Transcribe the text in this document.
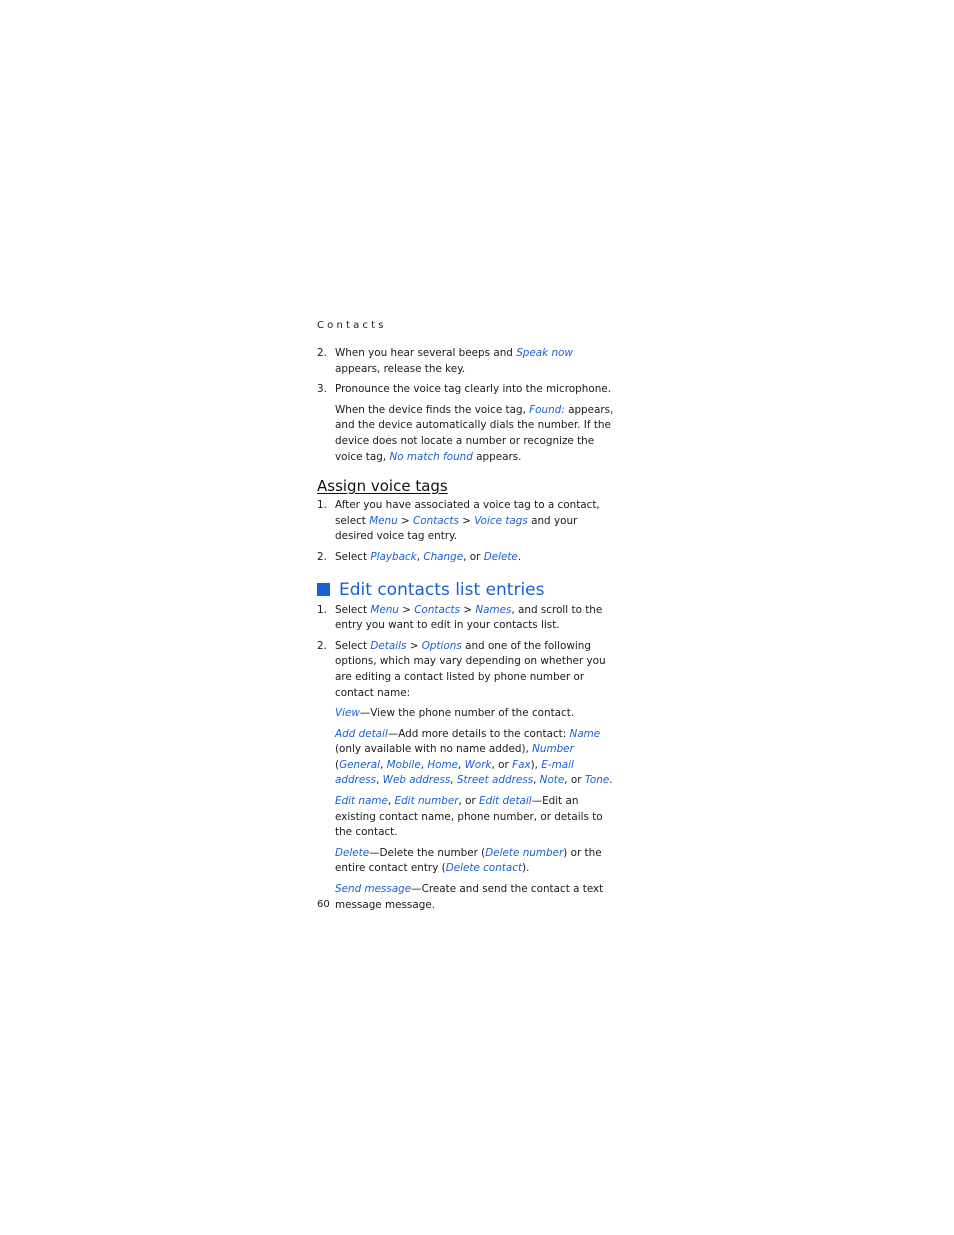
Contacts
2. When you hear several beeps and Speak now appears, release the key.
3. Pronounce the voice tag clearly into the microphone.
When the device finds the voice tag, Found: appears, and the device automatically dials the number. If the device does not locate a number or recognize the voice tag, No match found appears.
Assign voice tags
1. After you have associated a voice tag to a contact, select Menu > Contacts > Voice tags and your desired voice tag entry.
2. Select Playback, Change, or Delete.
Edit contacts list entries
1. Select Menu > Contacts > Names, and scroll to the entry you want to edit in your contacts list.
2. Select Details > Options and one of the following options, which may vary depending on whether you are editing a contact listed by phone number or contact name:
View—View the phone number of the contact.
Add detail—Add more details to the contact: Name (only available with no name added), Number (General, Mobile, Home, Work, or Fax), E-mail address, Web address, Street address, Note, or Tone.
Edit name, Edit number, or Edit detail—Edit an existing contact name, phone number, or details to the contact.
Delete—Delete the number (Delete number) or the entire contact entry (Delete contact).
Send message—Create and send the contact a text message message.
60
